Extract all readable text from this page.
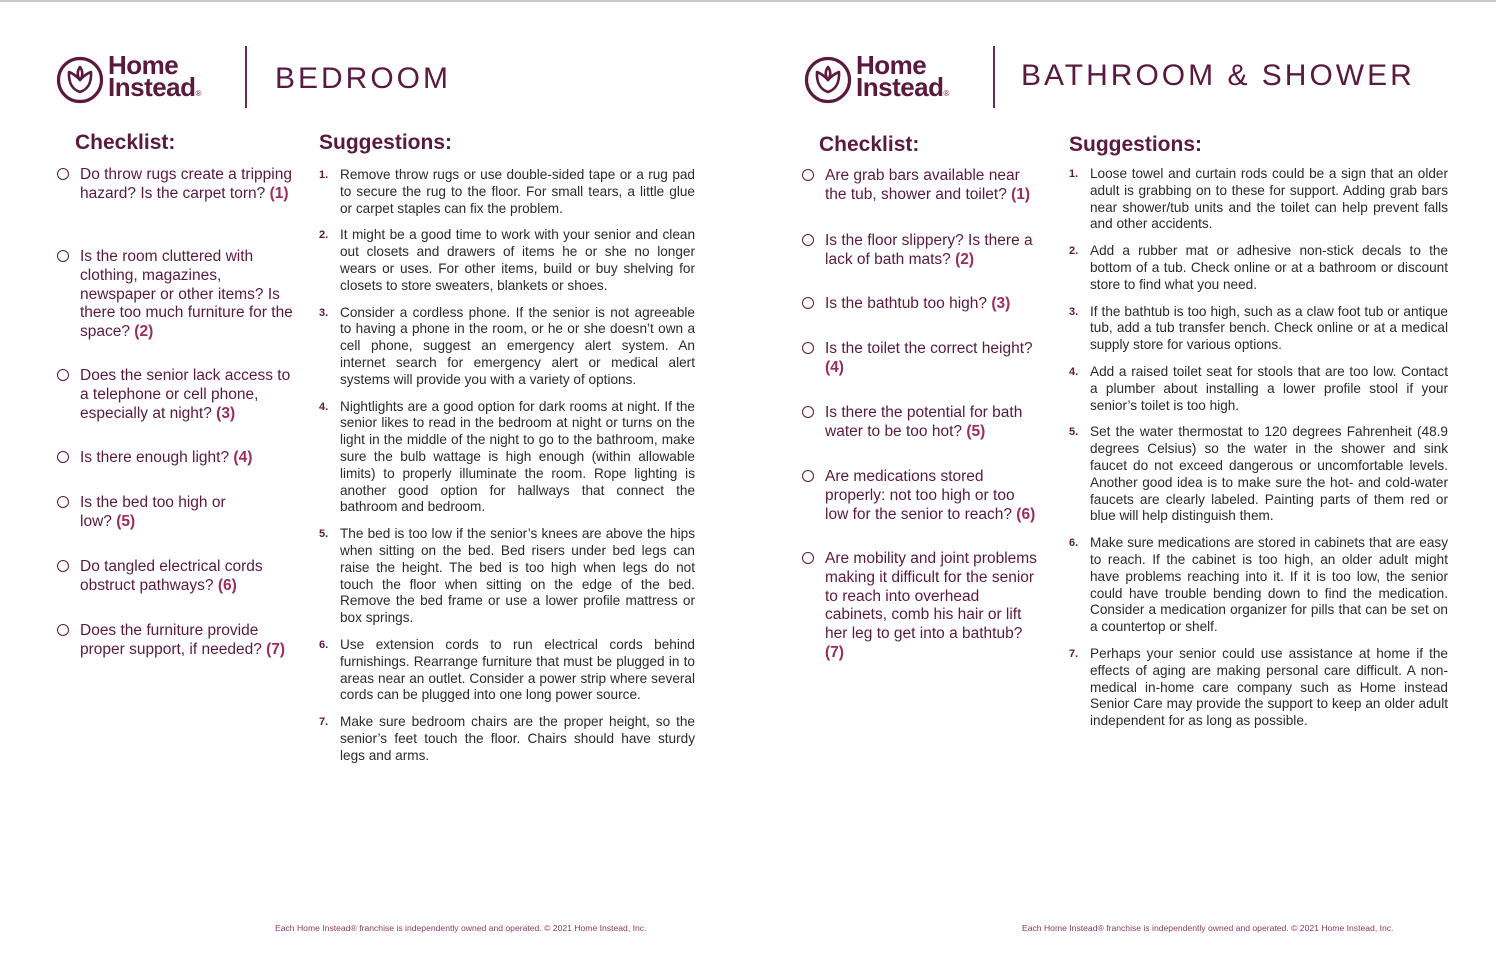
Home
Instead® BEDROOM
Checklist:	Suggestions:
Do throw rugs create a tripping hazard? Is the carpet torn? (1)
Is the room cluttered with clothing, magazines, newspaper or other items? Is there too much furniture for the space? (2)
Does the senior lack access to a telephone or cell phone, especially at night? (3)
Is there enough light? (4)
Is the bed too high or low? (5)
Do tangled electrical cords obstruct pathways? (6)
Does the furniture provide proper support, if needed? (7)
1. Remove throw rugs or use double-sided tape or a rug pad to secure the rug to the floor. For small tears, a little glue or carpet staples can fix the problem.
2. It might be a good time to work with your senior and clean out closets and drawers of items he or she no longer wears or uses. For other items, build or buy shelving for closets to store sweaters, blankets or shoes.
3. Consider a cordless phone. If the senior is not agreeable to having a phone in the room, or he or she doesn’t own a cell phone, suggest an emergency alert system. An internet search for emergency alert or medical alert systems will provide you with a variety of options.
4. Nightlights are a good option for dark rooms at night. If the senior likes to read in the bedroom at night or turns on the light in the middle of the night to go to the bathroom, make sure the bulb wattage is high enough (within allowable limits) to properly illuminate the room. Rope lighting is another good option for hallways that connect the bathroom and bedroom.
5. The bed is too low if the senior’s knees are above the hips when sitting on the bed. Bed risers under bed legs can raise the height. The bed is too high when legs do not touch the floor when sitting on the edge of the bed. Remove the bed frame or use a lower profile mattress or box springs.
6. Use extension cords to run electrical cords behind furnishings. Rearrange furniture that must be plugged in to areas near an outlet. Consider a power strip where several cords can be plugged into one long power source.
7. Make sure bedroom chairs are the proper height, so the senior’s feet touch the floor. Chairs should have sturdy legs and arms.
Each Home Instead® franchise is independently owned and operated. © 2021 Home Instead, Inc.
Home
Instead®
BATHROOM & SHOWER
Checklist:	Suggestions:
Are grab bars available near the tub, shower and toilet? (1)
Is the floor slippery? Is there a lack of bath mats? (2)
Is the bathtub too high? (3)
Is the toilet the correct height? (4)
Is there the potential for bath water to be too hot? (5)
Are medications stored properly: not too high or too low for the senior to reach? (6)
Are mobility and joint problems making it difficult for the senior to reach into overhead cabinets, comb his hair or lift her leg to get into a bathtub? (7)
1. Loose towel and curtain rods could be a sign that an older adult is grabbing on to these for support. Adding grab bars near shower/tub units and the toilet can help prevent falls and other accidents.
2. Add a rubber mat or adhesive non-stick decals to the bottom of a tub. Check online or at a bathroom or discount store to find what you need.
3. If the bathtub is too high, such as a claw foot tub or antique tub, add a tub transfer bench. Check online or at a medical supply store for various options.
4. Add a raised toilet seat for stools that are too low. Contact a plumber about installing a lower profile stool if your senior’s toilet is too high.
5. Set the water thermostat to 120 degrees Fahrenheit (48.9 degrees Celsius) so the water in the shower and sink faucet do not exceed dangerous or uncomfortable levels. Another good idea is to make sure the hot- and cold-water faucets are clearly labeled. Painting parts of them red or blue will help distinguish them.
6. Make sure medications are stored in cabinets that are easy to reach. If the cabinet is too high, an older adult might have problems reaching into it. If it is too low, the senior could have trouble bending down to find the medication. Consider a medication organizer for pills that can be set on a countertop or shelf.
7. Perhaps your senior could use assistance at home if the effects of aging are making personal care difficult. A non-medical in-home care company such as Home instead Senior Care may provide the support to keep an older adult independent for as long as possible.
Each Home Instead® franchise is independently owned and operated. © 2021 Home Instead, Inc.
